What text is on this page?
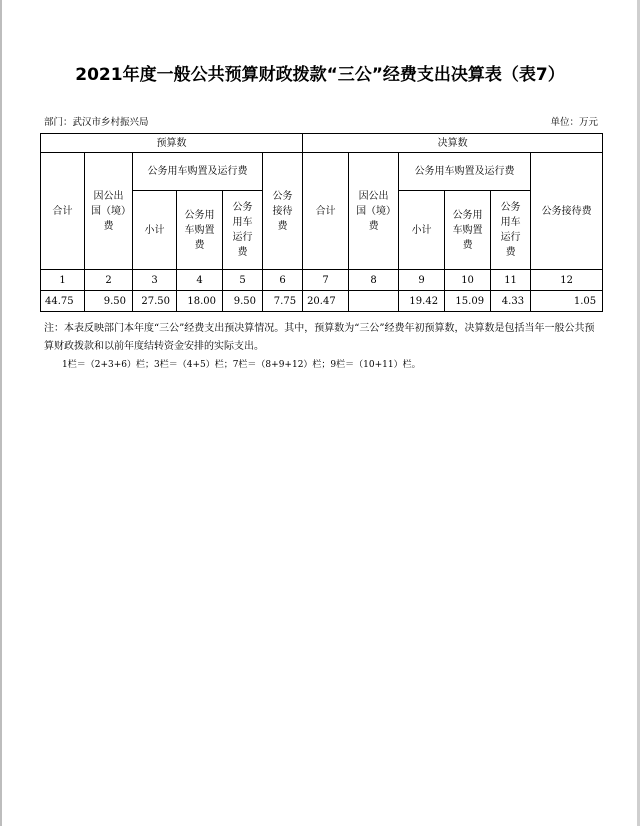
2021年度一般公共预算财政拨款“三公”经费支出决算表（表7）
部门：武汉市乡村振兴局	单位：万元
预算数						决算数					
合计	因公出国（境）费	公务用车购置及运行费			公务接待费	合计	因公出国（境）费	公务用车购置及运行费			公务接待费
		小计	公务用车购置费	公务用车运行费				小计	公务用车购置费	公务用车运行费	
1	2	3	4	5	6	7	8	9	10	11	12
44.75	9.50	27.50	18.00	9.50	7.75	20.47		19.42	15.09	4.33	1.05
注：本表反映部门本年度“三公”经费支出预决算情况。其中，预算数为“三公”经费年初预算数，决算数是包括当年一般公共预算财政拨款和以前年度结转资金安排的实际支出。
1栏＝（2+3+6）栏；3栏＝（4+5）栏；7栏＝（8+9+12）栏；9栏＝（10+11）栏。
